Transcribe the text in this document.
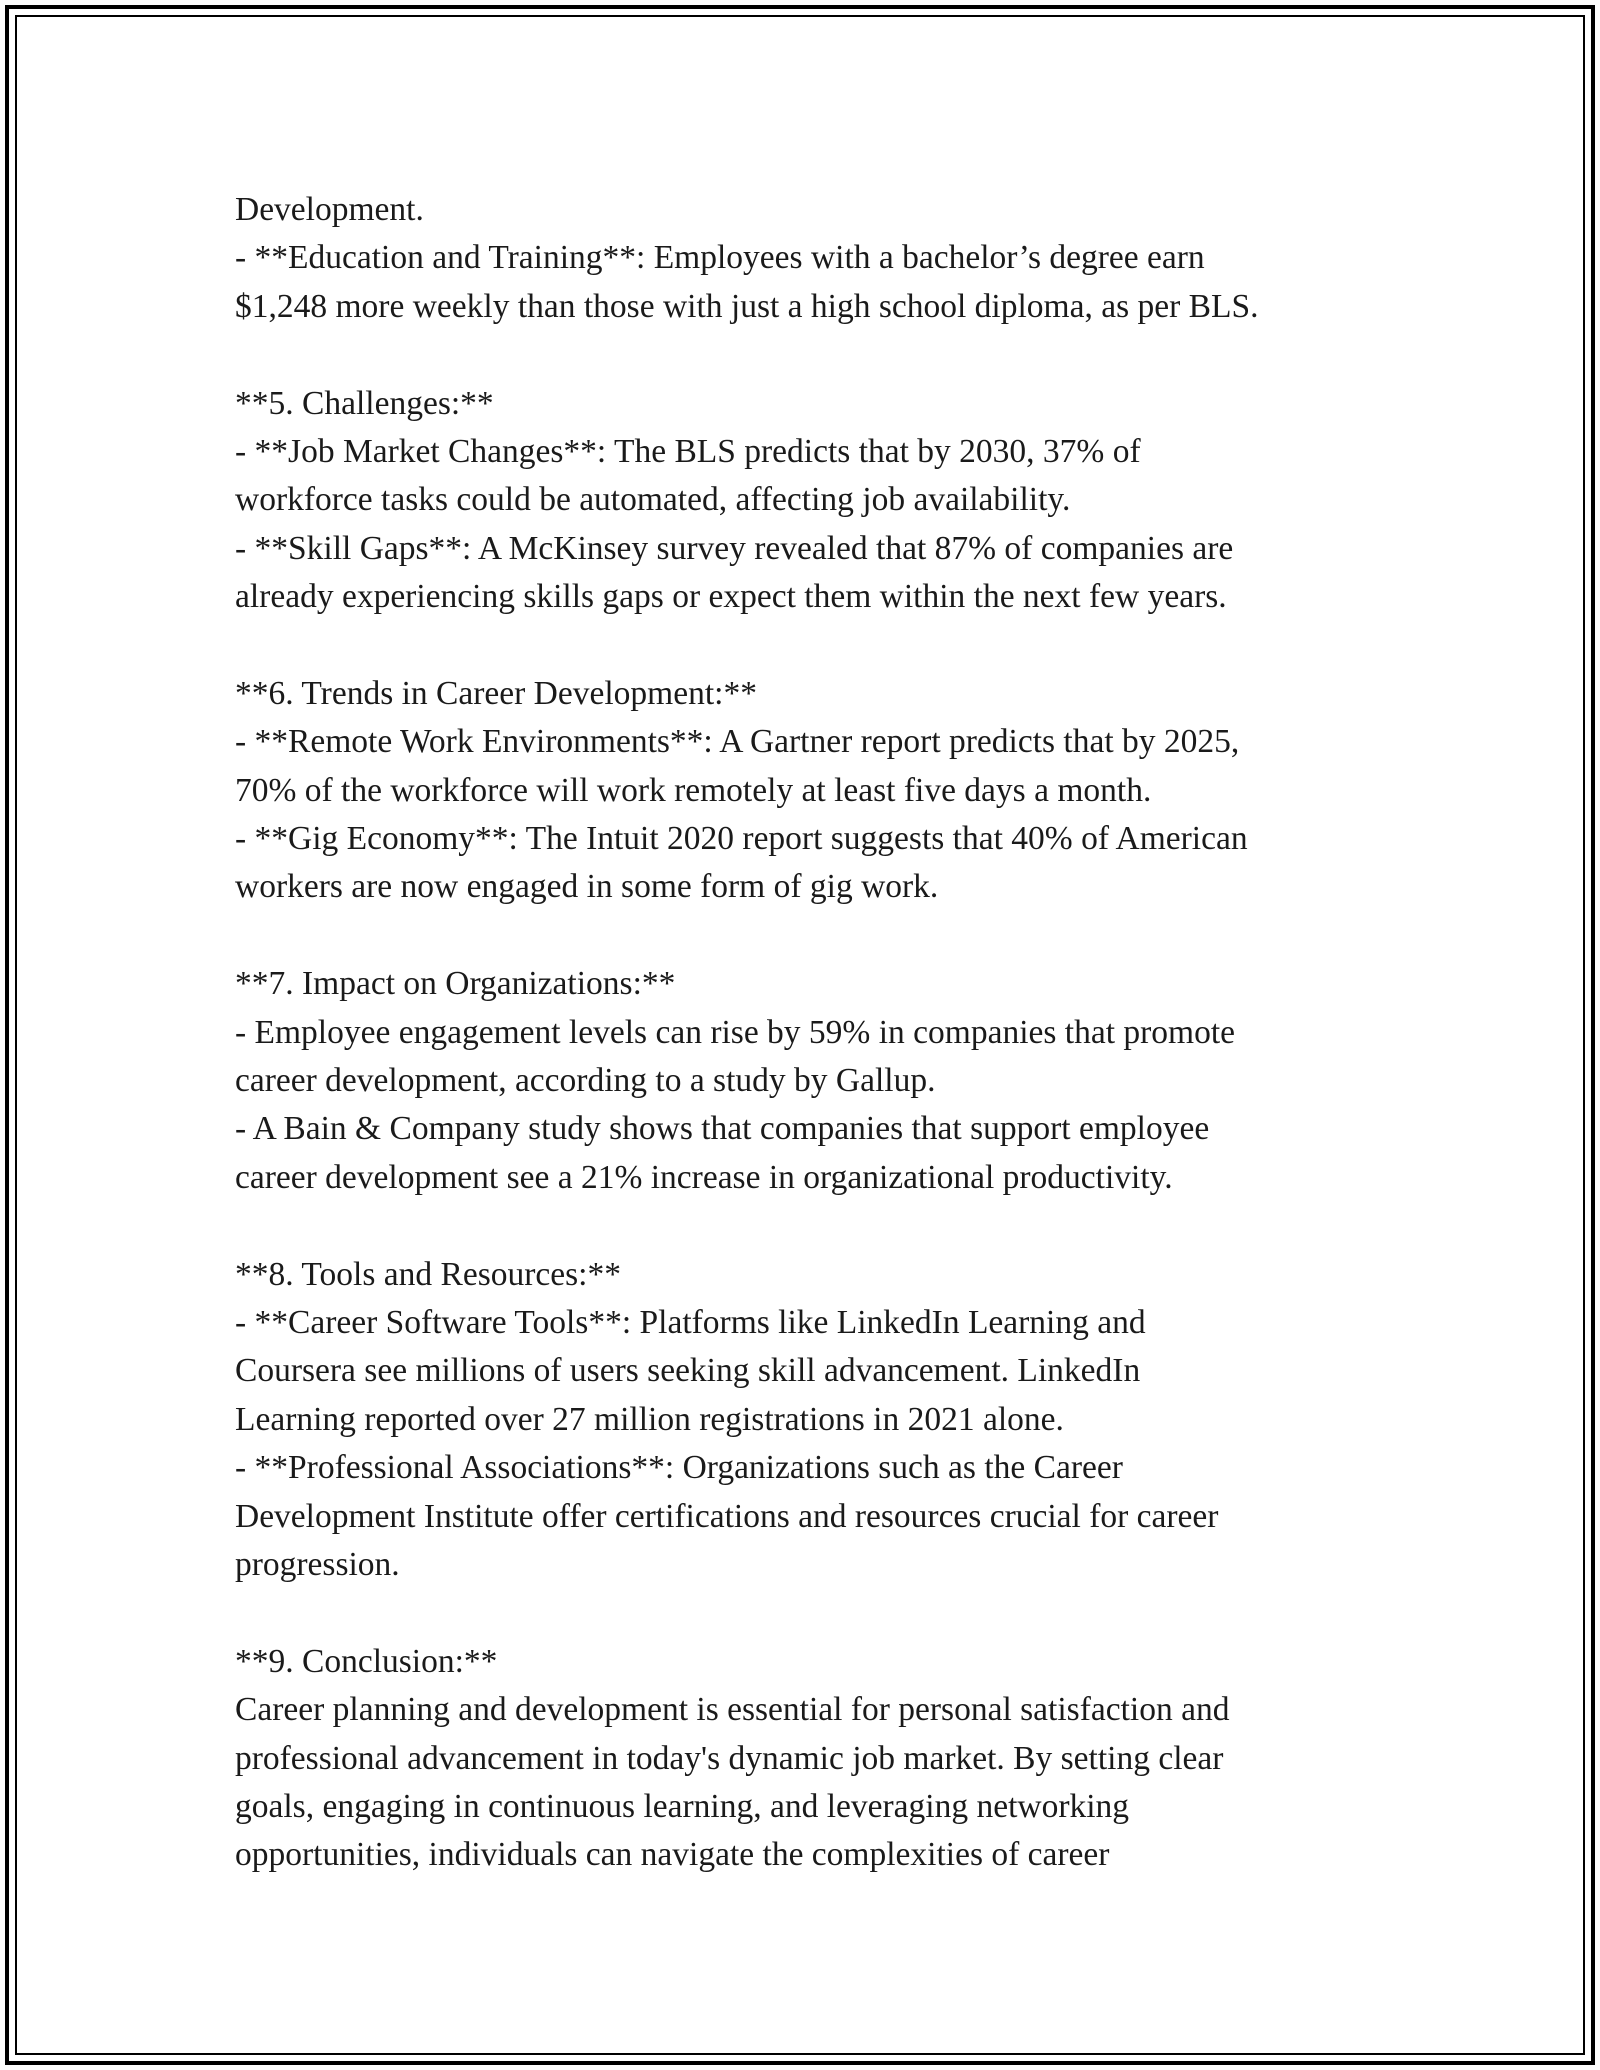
Development.
- **Education and Training**: Employees with a bachelor’s degree earn
$1,248 more weekly than those with just a high school diploma, as per BLS.
**5. Challenges:**
- **Job Market Changes**: The BLS predicts that by 2030, 37% of
workforce tasks could be automated, affecting job availability.
- **Skill Gaps**: A McKinsey survey revealed that 87% of companies are
already experiencing skills gaps or expect them within the next few years.
**6. Trends in Career Development:**
- **Remote Work Environments**: A Gartner report predicts that by 2025,
70% of the workforce will work remotely at least five days a month.
- **Gig Economy**: The Intuit 2020 report suggests that 40% of American
workers are now engaged in some form of gig work.
**7. Impact on Organizations:**
- Employee engagement levels can rise by 59% in companies that promote
career development, according to a study by Gallup.
- A Bain & Company study shows that companies that support employee
career development see a 21% increase in organizational productivity.
**8. Tools and Resources:**
- **Career Software Tools**: Platforms like LinkedIn Learning and
Coursera see millions of users seeking skill advancement. LinkedIn
Learning reported over 27 million registrations in 2021 alone.
- **Professional Associations**: Organizations such as the Career
Development Institute offer certifications and resources crucial for career
progression.
**9. Conclusion:**
Career planning and development is essential for personal satisfaction and
professional advancement in today's dynamic job market. By setting clear
goals, engaging in continuous learning, and leveraging networking
opportunities, individuals can navigate the complexities of career
